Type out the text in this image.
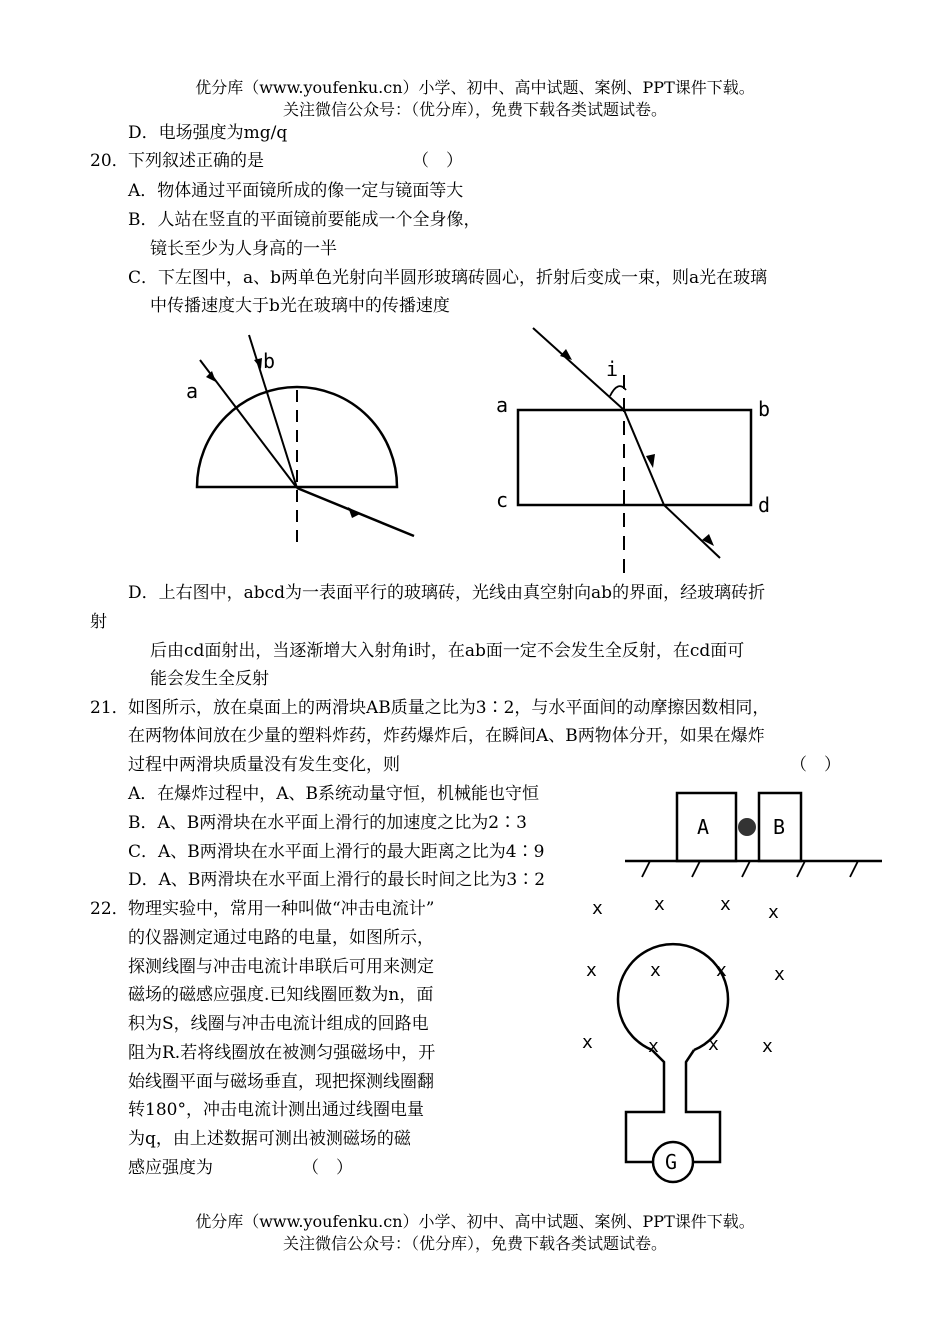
优分库（www.youfenku.cn）小学、初中、高中试题、案例、PPT课件下载。
关注微信公众号：（优分库），免费下载各类试题试卷。
D．电场强度为mg/q
20． 下列叙述正确的是	（　）
A．物体通过平面镜所成的像一定与镜面等大
B．人站在竖直的平面镜前要能成一个全身像，
镜长至少为人身高的一半
C．下左图中，a、b两单色光射向半圆形玻璃砖圆心，折射后变成一束，则a光在玻璃
中传播速度大于b光在玻璃中的传播速度
a
b	i
a	b
c	d
D．上右图中，abcd为一表面平行的玻璃砖，光线由真空射向ab的界面，经玻璃砖折
射
后由cd面射出，当逐渐增大入射角i时，在ab面一定不会发生全反射，在cd面可
能会发生全反射
21． 如图所示，放在桌面上的两滑块AB质量之比为3∶2，与水平面间的动摩擦因数相同，
在两物体间放在少量的塑料炸药，炸药爆炸后，在瞬间A、B两物体分开，如果在爆炸
过程中两滑块质量没有发生变化，则	（　）
A．在爆炸过程中，A、B系统动量守恒，机械能也守恒
B．A、B两滑块在水平面上滑行的加速度之比为2∶3
C．A、B两滑块在水平面上滑行的最大距离之比为4∶9
D．A、B两滑块在水平面上滑行的最长时间之比为3∶2
A	B
22． 物理实验中，常用一种叫做“冲击电流计”
的仪器测定通过电路的电量，如图所示，
探测线圈与冲击电流计串联后可用来测定
磁场的磁感应强度.已知线圈匝数为n，面
积为S，线圈与冲击电流计组成的回路电
阻为R.若将线圈放在被测匀强磁场中，开
始线圈平面与磁场垂直，现把探测线圈翻
转180°，冲击电流计测出通过线圈电量
为q，由上述数据可测出被测磁场的磁
感应强度为	（　）	G
x	x	x x
x	x	x	x
x	x	x x
优分库（www.youfenku.cn）小学、初中、高中试题、案例、PPT课件下载。
关注微信公众号：（优分库），免费下载各类试题试卷。
